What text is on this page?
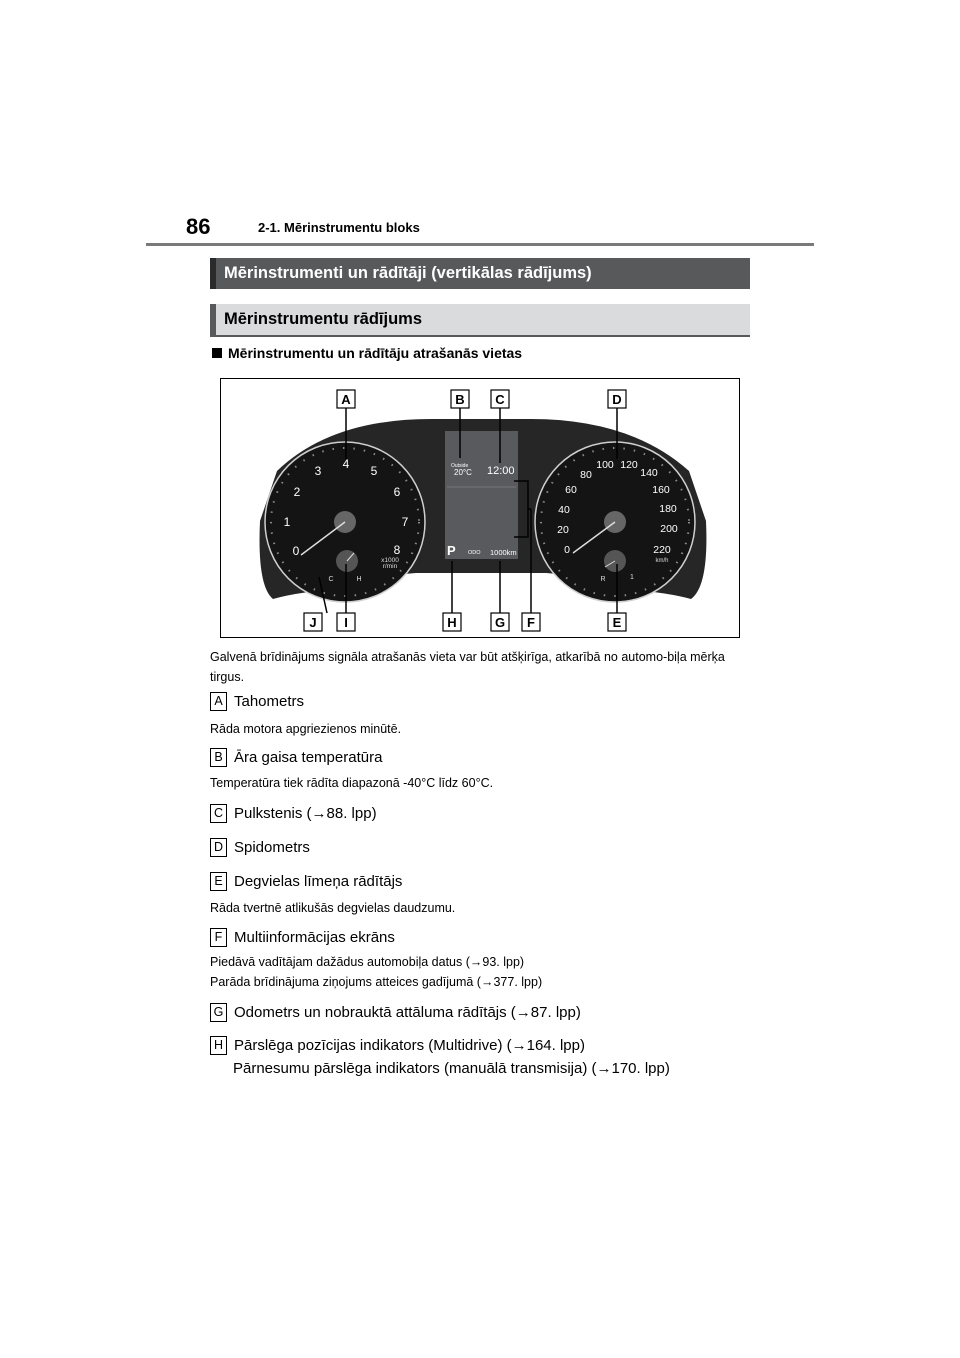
86	2-1. Mērinstrumentu bloks
Mērinstrumenti un rādītāji (vertikālas rādījums)
Mērinstrumentu rādījums
Mērinstrumentu un rādītāju atrašanās vietas
0
1
2
3 4 5
6
7
8
x1000
r/min
C	H
Outside
20°C 12:00
P ODO 1000km	0
20
40
60
80
100 120
140
160
180
200
220
km/h
R	1
A	B C	D
J I	H	G F	E
Galvenā brīdinājums signāla atrašanās vieta var būt atšķirīga, atkarībā no automo-biļa mērķa tirgus.
A Tahometrs
Rāda motora apgriezienos minūtē.
B Āra gaisa temperatūra
Temperatūra tiek rādīta diapazonā -40°C līdz 60°C.
C Pulkstenis (→88. lpp)
D Spidometrs
E Degvielas līmeņa rādītājs
Rāda tvertnē atlikušās degvielas daudzumu.
F Multiinformācijas ekrāns
Piedāvā vadītājam dažādus automobiļa datus (→93. lpp)
Parāda brīdinājuma ziņojums atteices gadījumā (→377. lpp)
G Odometrs un nobrauktā attāluma rādītājs (→87. lpp)
H Pārslēga pozīcijas indikators (Multidrive) (→164. lpp)
Pārnesumu pārslēga indikators (manuālā transmisija) (→170. lpp)
